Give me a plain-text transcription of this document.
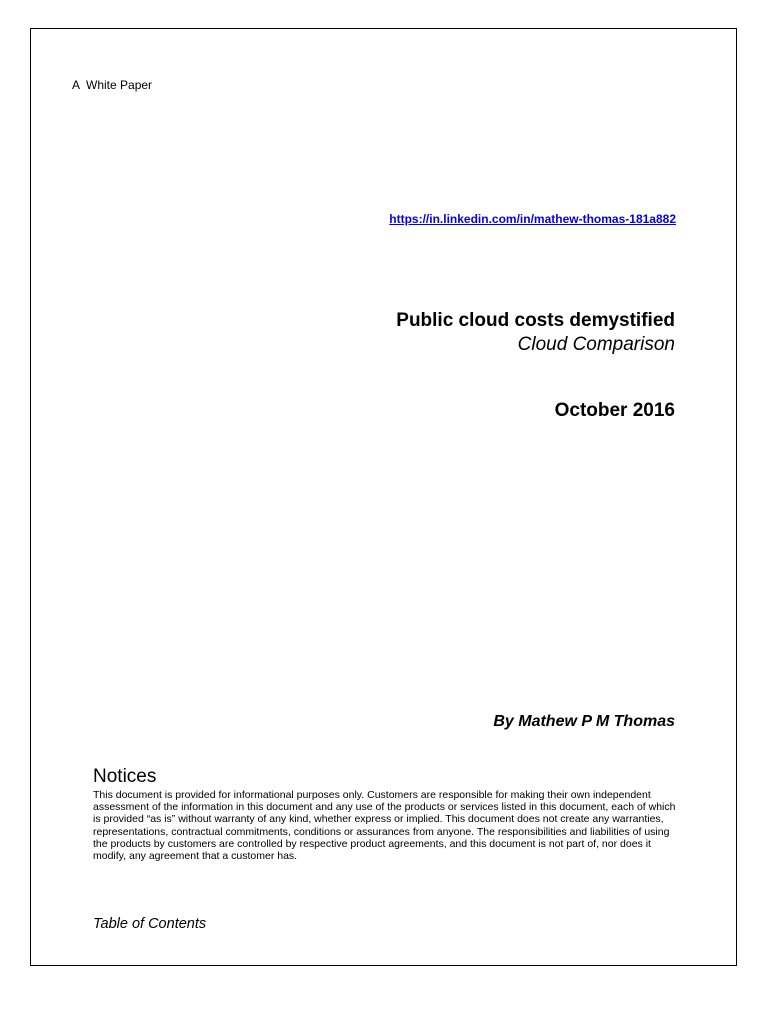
A  White Paper
https://in.linkedin.com/in/mathew-thomas-181a882
Public cloud costs demystified
Cloud Comparison
October 2016
By Mathew P M Thomas
Notices
This document is provided for informational purposes only. Customers are responsible for making their own independent assessment of the information in this document and any use of the products or services listed in this document, each of which is provided “as is” without warranty of any kind, whether express or implied. This document does not create any warranties, representations, contractual commitments, conditions or assurances from anyone. The responsibilities and liabilities of using the products by customers are controlled by respective product agreements, and this document is not part of, nor does it modify, any agreement that a customer has.
Table of Contents
